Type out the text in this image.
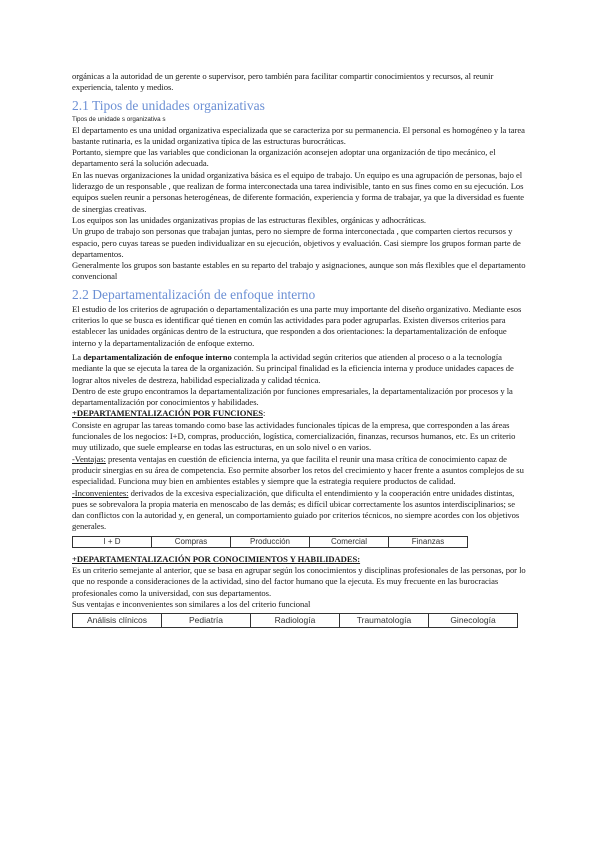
orgánicas a la autoridad de un gerente o supervisor, pero también para facilitar compartir conocimientos y recursos, al reunir experiencia, talento y medios.

2.1 Tipos de unidades organizativas
Tipos de unidade s organizativa s

El departamento es una unidad organizativa especializada que se caracteriza por su permanencia. El personal es homogéneo y la tarea bastante rutinaria, es la unidad organizativa típica de las estructuras burocráticas.

Portanto, siempre que las variables que condicionan la organización aconsejen adoptar una organización de tipo mecánico, el departamento será la solución adecuada.

En las nuevas organizaciones la unidad organizativa básica es el equipo de trabajo. Un equipo es una agrupación de personas, bajo el liderazgo de un responsable , que realizan de forma interconectada una tarea indivisible, tanto en sus fines como en su ejecución. Los equipos suelen reunir a personas heterogéneas, de diferente formación, experiencia y forma de trabajar, ya que la diversidad es fuente de sinergias creativas.

Los equipos son las unidades organizativas propias de las estructuras flexibles, orgánicas y adhocráticas.

Un grupo de trabajo son personas que trabajan juntas, pero no siempre de forma interconectada , que comparten ciertos recursos y espacio, pero cuyas tareas se pueden individualizar en su ejecución, objetivos y evaluación. Casi siempre los grupos forman parte de departamentos.

Generalmente los grupos son bastante estables en su reparto del trabajo y asignaciones, aunque son más flexibles que el departamento convencional

2.2 Departamentalización de enfoque interno

El estudio de los criterios de agrupación o departamentalización es una parte muy importante del diseño organizativo. Mediante esos criterios lo que se busca es identificar qué tienen en común las actividades para poder agruparlas. Existen diversos criterios para establecer las unidades orgánicas dentro de la estructura, que responden a dos orientaciones: la departamentalización de enfoque interno y la departamentalización de enfoque externo.

La departamentalización de enfoque interno contempla la actividad según criterios que atienden al proceso o a la tecnología mediante la que se ejecuta la tarea de la organización. Su principal finalidad es la eficiencia interna y produce unidades capaces de lograr altos niveles de destreza, habilidad especializada y calidad técnica.

Dentro de este grupo encontramos la departamentalización por funciones empresariales, la departamentalización por procesos y la departamentalización por conocimientos y habilidades.

+DEPARTAMENTALIZACIÓN POR FUNCIONES:

Consiste en agrupar las tareas tomando como base las actividades funcionales típicas de la empresa, que corresponden a las áreas funcionales de los negocios: I+D, compras, producción, logística, comercialización, finanzas, recursos humanos, etc. Es un criterio muy utilizado, que suele emplearse en todas las estructuras, en un solo nivel o en varios.

-Ventajas: presenta ventajas en cuestión de eficiencia interna, ya que facilita el reunir una masa crítica de conocimiento capaz de producir sinergias en su área de competencia. Eso permite absorber los retos del crecimiento y hacer frente a asuntos complejos de su especialidad. Funciona muy bien en ambientes estables y siempre que la estrategia requiere productos de calidad.

-Inconvenientes: derivados de la excesiva especialización, que dificulta el entendimiento y la cooperación entre unidades distintas, pues se sobrevalora la propia materia en menoscabo de las demás; es difícil ubicar correctamente los asuntos interdisciplinarios; se dan conflictos con la autoridad y, en general, un comportamiento guiado por criterios técnicos, no siempre acordes con los objetivos generales.

I + D	Compras	Producción	Comercial	Finanzas

+DEPARTAMENTALIZACIÓN POR CONOCIMIENTOS Y HABILIDADES:

Es un criterio semejante al anterior, que se basa en agrupar según los conocimientos y disciplinas profesionales de las personas, por lo que no responde a consideraciones de la actividad, sino del factor humano que la ejecuta. Es muy frecuente en las burocracias profesionales como la universidad, con sus departamentos.

Sus ventajas e inconvenientes son similares a los del criterio funcional

Análisis clínicos	Pediatría	Radiología	Traumatología	Ginecología
